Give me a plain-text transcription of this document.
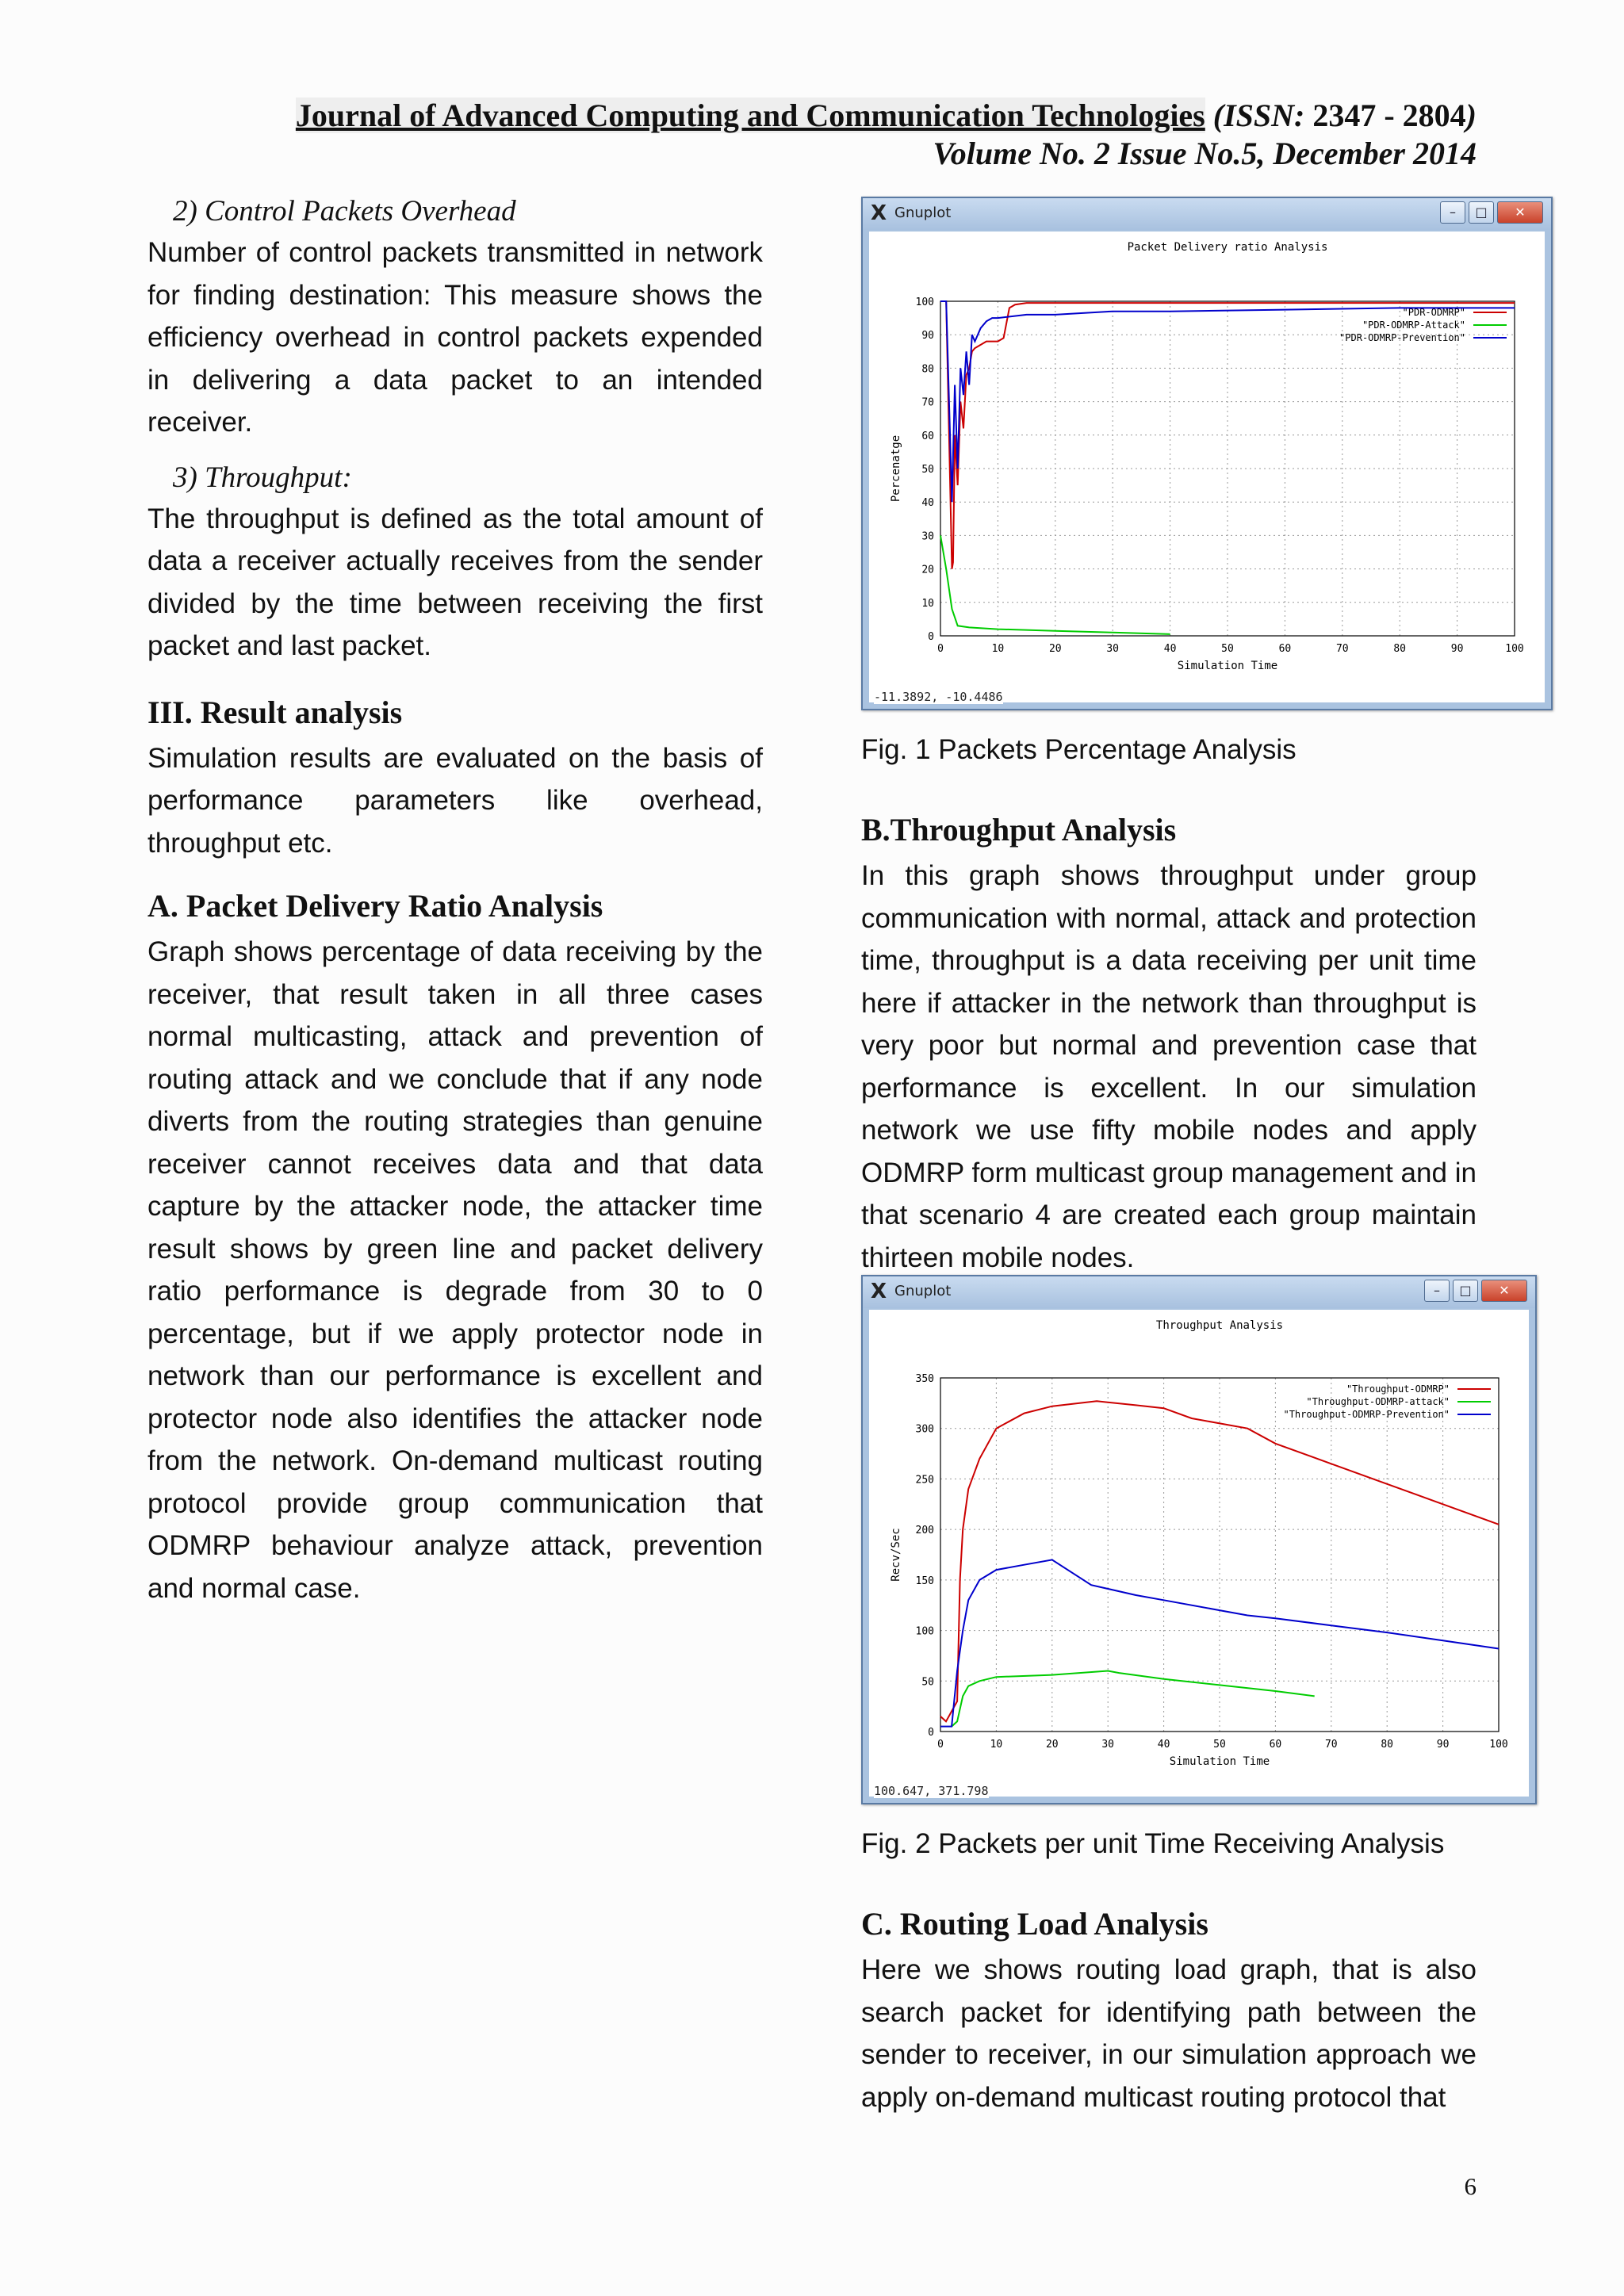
Journal of Advanced Computing and Communication Technologies (ISSN: 2347 - 2804)
Volume No. 2 Issue No.5, December 2014
2) Control Packets Overhead

Number of control packets transmitted in network for finding destination: This measure shows the efficiency overhead in control packets expended in delivering a data packet to an intended receiver.

3) Throughput:

The throughput is defined as the total amount of data a receiver actually receives from the sender divided by the time between receiving the first packet and last packet.

III. Result analysis

Simulation results are evaluated on the basis of performance parameters like overhead, throughput etc.

A. Packet Delivery Ratio Analysis

Graph shows percentage of data receiving by the receiver, that result taken in all three cases normal multicasting, attack and prevention of routing attack and we conclude that if any node diverts from the routing strategies than genuine receiver cannot receives data and that data capture by the attacker node, the attacker time result shows by green line and packet delivery ratio performance is degrade from 30 to 0 percentage, but if we apply protector node in network than our performance is excellent and protector node also identifies the attacker node from the network. On-demand multicast routing protocol provide group communication that ODMRP behaviour analyze attack, prevention and normal case.

X Gnuplot	–	□	✕
Packet Delivery ratio Analysis
0	10	20	30	40	50	60	70	80	90	100
0
10
20
30
40
50
60
70
80
90
100
Simulation Time
Percenatge
"PDR-ODMRP"
"PDR-ODMRP-Attack"
"PDR-ODMRP-Prevention"
-11.3892, -10.4486
Fig. 1 Packets Percentage Analysis
B.Throughput Analysis

In this graph shows throughput under group communication with normal, attack and protection time, throughput is a data receiving per unit time here if attacker in the network than throughput is very poor but normal and prevention case that performance is excellent. In our simulation network we use fifty mobile nodes and apply ODMRP form multicast group management and in that scenario 4 are created each group maintain thirteen mobile nodes.

X Gnuplot	–	□	✕
Throughput Analysis
0	10	20	30	40	50	60	70	80	90	100
0
50
100
150
200
250
300
350
Simulation Time
Recv/Sec
"Throughput-ODMRP"
"Throughput-ODMRP-attack"
"Throughput-ODMRP-Prevention"
100.647, 371.798
Fig. 2 Packets per unit Time Receiving Analysis
C. Routing Load Analysis

Here we shows routing load graph, that is also search packet for identifying path between the sender to receiver, in our simulation approach we apply on-demand multicast routing protocol that

6
